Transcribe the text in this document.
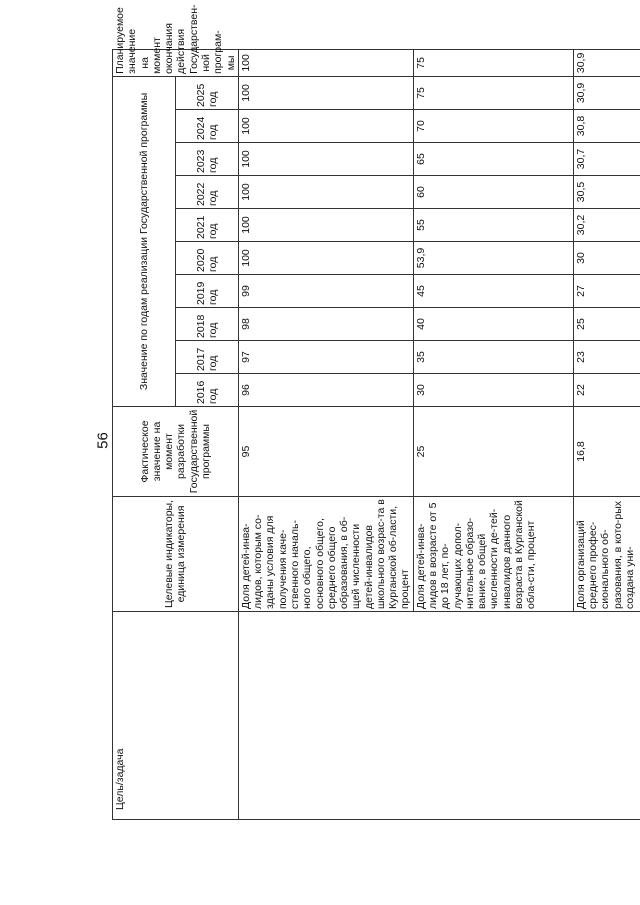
56
Цель/задача	Целевые индикаторы, единица измерения	Фактическое значение на момент разработки Государственной программы	Значение по годам реализации Государственной программы										Планируемое значение на момент окончания действия Государствен-ной програм-мы
			2016 год	2017 год	2018 год	2019 год	2020 год	2021 год	2022 год	2023 год	2024 год	2025 год	
	Доля детей-инва-лидов, которым со-зданы условия для получения каче-ственного началь-ного общего, основного общего, среднего общего образования, в об-щей численности детей-инвалидов школьного возрас-та в Курганской об-ласти, процент	95	96	97	98	99	100	100	100	100	100	100	100
	Доля детей-инва-лидов в возрасте от 5 до 18 лет, по-лучающих допол-нительное образо-вание, в общей численности де-тей-инвалидов данного возраста в Курганской обла-сти, процент	25	30	35	40	45	53,9	55	60	65	70	75	75
	Доля организаций среднего профес-сионального об-разования, в кото-рых создана уни-	16,8	22	23	25	27	30	30,2	30,5	30,7	30,8	30,9	30,9
